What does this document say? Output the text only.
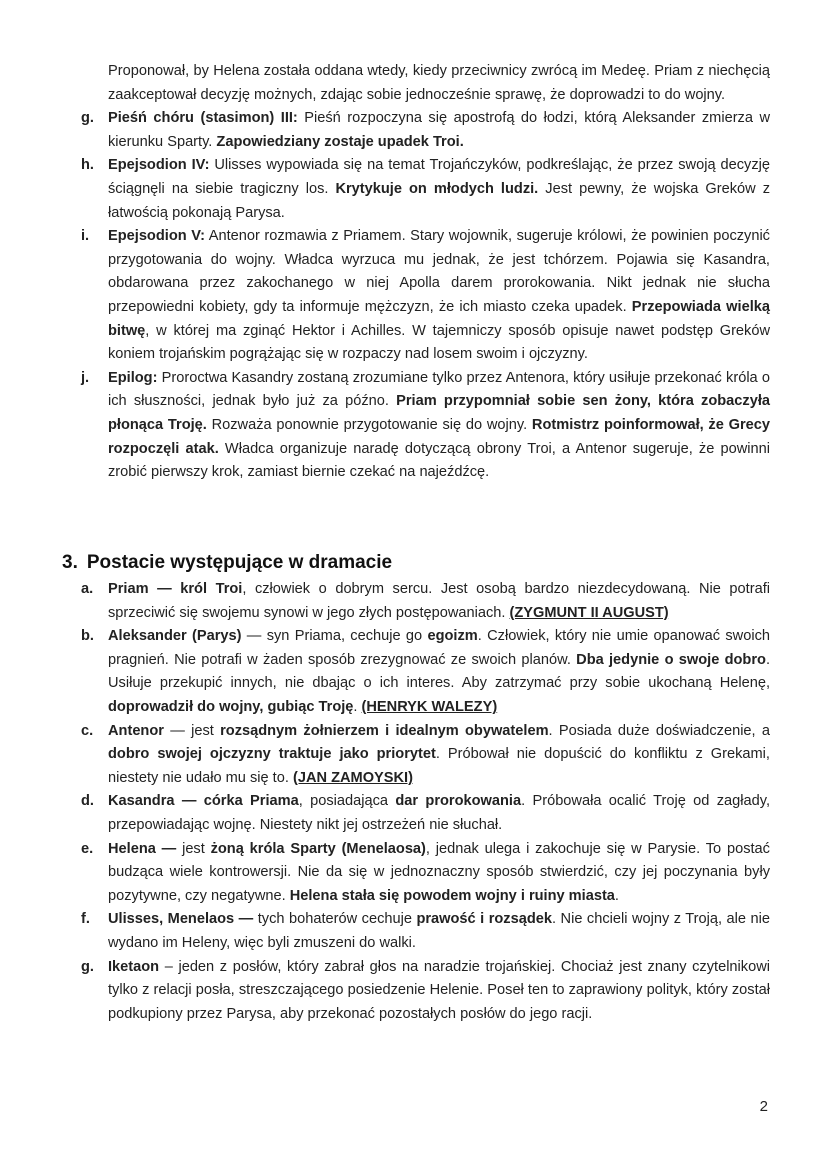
Proponował, by Helena została oddana wtedy, kiedy przeciwnicy zwrócą im Medeę. Priam z niechęcią zaakceptował decyzję możnych, zdając sobie jednocześnie sprawę, że doprowadzi to do wojny.
g. Pieśń chóru (stasimon) III: Pieśń rozpoczyna się apostrofą do łodzi, którą Aleksander zmierza w kierunku Sparty. Zapowiedziany zostaje upadek Troi.
h. Epejsodion IV: Ulisses wypowiada się na temat Trojańczyków, podkreślając, że przez swoją decyzję ściągnęli na siebie tragiczny los. Krytykuje on młodych ludzi. Jest pewny, że wojska Greków z łatwością pokonają Parysa.
i. Epejsodion V: Antenor rozmawia z Priamem. Stary wojownik, sugeruje królowi, że powinien poczynić przygotowania do wojny. Władca wyrzuca mu jednak, że jest tchórzem. Pojawia się Kasandra, obdarowana przez zakochanego w niej Apolla darem prorokowania. Nikt jednak nie słucha przepowiedni kobiety, gdy ta informuje mężczyzn, że ich miasto czeka upadek. Przepowiada wielką bitwę, w której ma zginąć Hektor i Achilles. W tajemniczy sposób opisuje nawet podstęp Greków koniem trojańskim pogrążając się w rozpaczy nad losem swoim i ojczyzny.
j. Epilog: Proroctwa Kasandry zostaną zrozumiane tylko przez Antenora, który usiłuje przekonać króla o ich słuszności, jednak było już za późno. Priam przypomniał sobie sen żony, która zobaczyła płonąca Troję. Rozważa ponownie przygotowanie się do wojny. Rotmistrz poinformował, że Grecy rozpoczęli atak. Władca organizuje naradę dotyczącą obrony Troi, a Antenor sugeruje, że powinni zrobić pierwszy krok, zamiast biernie czekać na najeźdźcę.
3. Postacie występujące w dramacie
a. Priam — król Troi, człowiek o dobrym sercu. Jest osobą bardzo niezdecydowaną. Nie potrafi sprzeciwić się swojemu synowi w jego złych postępowaniach. (ZYGMUNT II AUGUST)
b. Aleksander (Parys) — syn Priama, cechuje go egoizm. Człowiek, który nie umie opanować swoich pragnień. Nie potrafi w żaden sposób zrezygnować ze swoich planów. Dba jedynie o swoje dobro. Usiłuje przekupić innych, nie dbając o ich interes. Aby zatrzymać przy sobie ukochaną Helenę, doprowadził do wojny, gubiąc Troję. (HENRYK WALEZY)
c. Antenor — jest rozsądnym żołnierzem i idealnym obywatelem. Posiada duże doświadczenie, a dobro swojej ojczyzny traktuje jako priorytet. Próbował nie dopuścić do konfliktu z Grekami, niestety nie udało mu się to. (JAN ZAMOYSKI)
d. Kasandra — córka Priama, posiadająca dar prorokowania. Próbowała ocalić Troję od zagłady, przepowiadając wojnę. Niestety nikt jej ostrzeżeń nie słuchał.
e. Helena — jest żoną króla Sparty (Menelaosa), jednak ulega i zakochuje się w Parysie. To postać budząca wiele kontrowersji. Nie da się w jednoznaczny sposób stwierdzić, czy jej poczynania były pozytywne, czy negatywne. Helena stała się powodem wojny i ruiny miasta.
f. Ulisses, Menelaos — tych bohaterów cechuje prawość i rozsądek. Nie chcieli wojny z Troją, ale nie wydano im Heleny, więc byli zmuszeni do walki.
g. Iketaon – jeden z posłów, który zabrał głos na naradzie trojańskiej. Chociaż jest znany czytelnikowi tylko z relacji posła, streszczającego posiedzenie Helenie. Poseł ten to zaprawiony polityk, który został podkupiony przez Parysa, aby przekonać pozostałych posłów do jego racji.
2
